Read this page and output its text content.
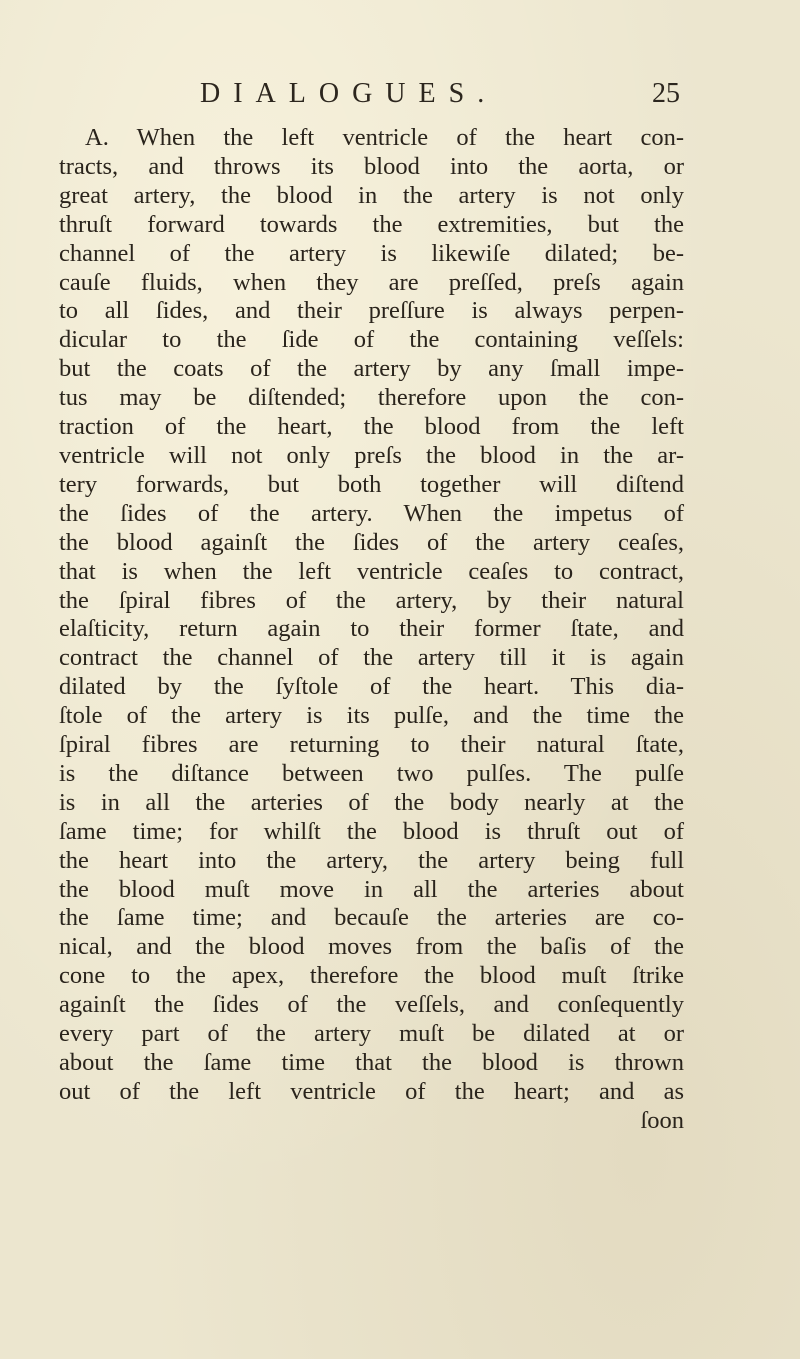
DIALOGUES.	25
A. When the left ventricle of the heart con-
tracts, and throws its blood into the aorta, or
great artery, the blood in the artery is not only
thruſt forward towards the extremities, but the
channel of the artery is likewiſe dilated; be-
cauſe fluids, when they are preſſed, preſs again
to all ſides, and their preſſure is always perpen-
dicular to the ſide of the containing veſſels:
but the coats of the artery by any ſmall impe-
tus may be diſtended; therefore upon the con-
traction of the heart, the blood from the left
ventricle will not only preſs the blood in the ar-
tery forwards, but both together will diſtend
the ſides of the artery. When the impetus of
the blood againſt the ſides of the artery ceaſes,
that is when the left ventricle ceaſes to contract,
the ſpiral fibres of the artery, by their natural
elaſticity, return again to their former ſtate, and
contract the channel of the artery till it is again
dilated by the ſyſtole of the heart. This dia-
ſtole of the artery is its pulſe, and the time the
ſpiral fibres are returning to their natural ſtate,
is the diſtance between two pulſes. The pulſe
is in all the arteries of the body nearly at the
ſame time; for whilſt the blood is thruſt out of
the heart into the artery, the artery being full
the blood muſt move in all the arteries about
the ſame time; and becauſe the arteries are co-
nical, and the blood moves from the baſis of the
cone to the apex, therefore the blood muſt ſtrike
againſt the ſides of the veſſels, and conſequently
every part of the artery muſt be dilated at or
about the ſame time that the blood is thrown
out of the left ventricle of the heart; and as
ſoon
